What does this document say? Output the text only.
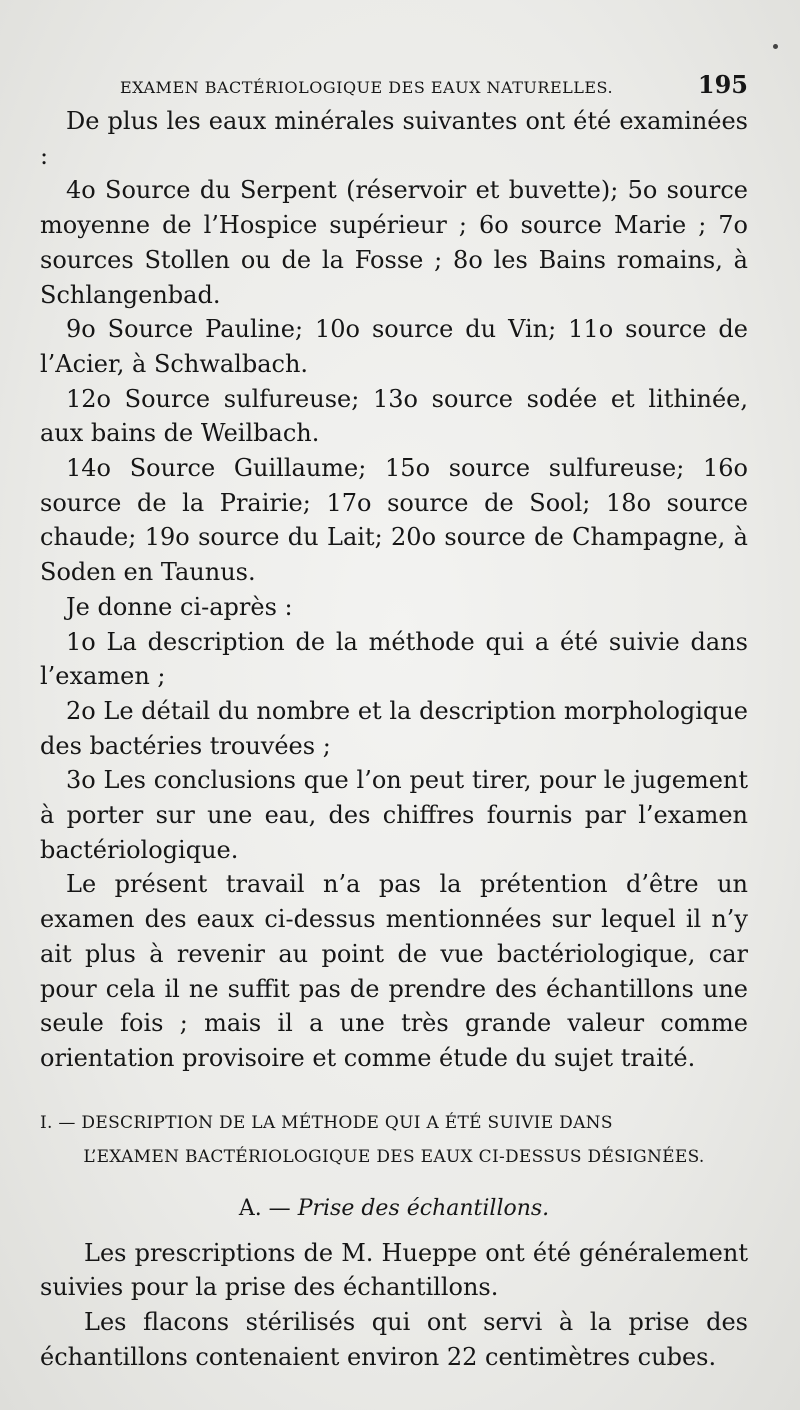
EXAMEN BACTÉRIOLOGIQUE DES EAUX NATURELLES.	195

De plus les eaux minérales suivantes ont été examinées :

4o Source du Serpent (réservoir et buvette); 5o source moyenne de l’Hospice supérieur ; 6o source Marie ; 7o sources Stollen ou de la Fosse ; 8o les Bains romains, à Schlangenbad.

9o Source Pauline; 10o source du Vin; 11o source de l’Acier, à Schwalbach.

12o Source sulfureuse; 13o source sodée et lithinée, aux bains de Weilbach.

14o Source Guillaume; 15o source sulfureuse; 16o source de la Prairie; 17o source de Sool; 18o source chaude; 19o source du Lait; 20o source de Champagne, à Soden en Taunus.

Je donne ci-après :

1o La description de la méthode qui a été suivie dans l’examen ;

2o Le détail du nombre et la description morphologique des bactéries trouvées ;

3o Les conclusions que l’on peut tirer, pour le jugement à porter sur une eau, des chiffres fournis par l’examen bactériologique.

Le présent travail n’a pas la prétention d’être un examen des eaux ci-dessus mentionnées sur lequel il n’y ait plus à revenir au point de vue bactériologique, car pour cela il ne suffit pas de prendre des échantillons une seule fois ; mais il a une très grande valeur comme orientation provisoire et comme étude du sujet traité.

I. — DESCRIPTION DE LA MÉTHODE QUI A ÉTÉ SUIVIE DANS
L’EXAMEN BACTÉRIOLOGIQUE DES EAUX CI-DESSUS DÉSIGNÉES.
A. — Prise des échantillons.

Les prescriptions de M. Hueppe ont été généralement suivies pour la prise des échantillons.

Les flacons stérilisés qui ont servi à la prise des échantillons contenaient environ 22 centimètres cubes.
